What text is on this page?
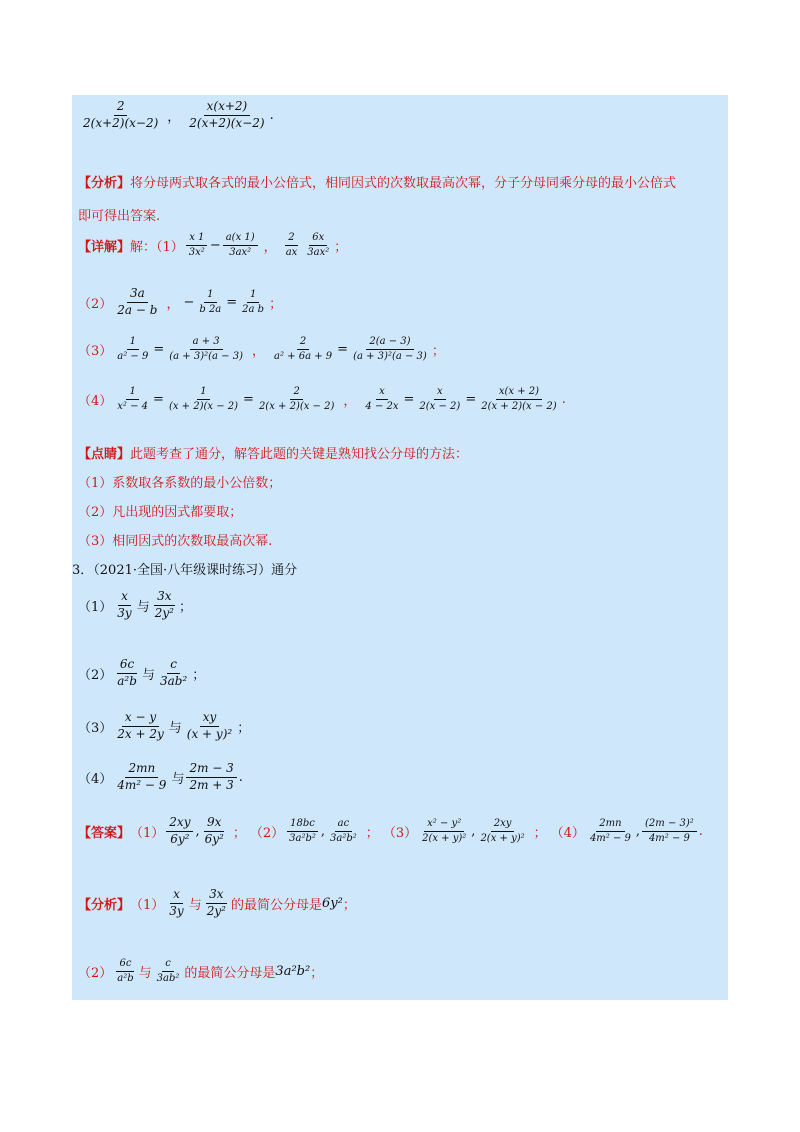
$\frac{2}{2(x+2)(x-2)}$ ， $\frac{x(x+2)}{2(x+2)(x-2)}$ .
【分析】 将分母两式取各式的最小公倍式，相同因式的次数取最高次幂，分子分母同乘分母的最小公倍式
即可得出答案.
【详解】 解：$(1) \frac{x 1}{\text{3x²}} - \frac{a(x 1)}{\text{3ax²}}$ ， $\frac{2}{ax} \frac{6x}{\text{3ax²}}$ ；
$(2) \frac{3a}{2a - b}$ ， − $\frac{1}{b 2a} = \frac{1}{\text{2a b}}$ ；
$(3) \frac{1}{\text{a² − 9}} = \frac{a + 3}{\text{(a + 3)²(a − 3)}}$ ， $\frac{2}{\text{a² + 6a + 9}} = \frac{2(a - 3)}{\text{(a + 3)²(a − 3)}}$ ；
$(4) \frac{1}{\text{x² − 4}} = \frac{1}{(x + 2)(x - 2)} = \frac{2}{2(x + 2)(x - 2)}$ ， $\frac{x}{4 - 2x} = \frac{x}{2(x - 2)} = \frac{x(x + 2)}{2(x + 2)(x - 2)}$ .
【点睛】 此题考查了通分，解答此题的关键是熟知找公分母的方法：
（1）系数取各系数的最小公倍数；
（2）凡出现的因式都要取；
（3）相同因式的次数取最高次幂.
3．（2021·全国·八年级课时练习）通分
$(1) \frac{x}{3y}$ 与 $\frac{3x}{\text{2y²}}$ ；
$(2) \frac{6c}{\text{a²b}}$ 与 $\frac{c}{\text{3ab²}}$ ；
$(3) \frac{x - y}{2x + 2y}$ 与 $\frac{xy}{\text{(x + y)²}}$ ；
$(4) \frac{2mn}{\text{4m² − 9}}$ 与 $\frac{2m - 3}{2m + 3}$ .
【答案】 $(1) \frac{2xy}{\text{6y²}}$ , $\frac{9x}{\text{6y²}}$ ； $(2) \frac{18bc}{\text{3a²b²}}$ , $\frac{ac}{\text{3a²b²}}$ ； $(3) \frac{\text{x² − y²}}{\text{2(x + y)²}}$ , $\frac{2xy}{\text{2(x + y)²}}$ ； $(4) \frac{2mn}{\text{4m² − 9}}$ , $\frac{\text{(2m − 3)²}}{\text{4m² − 9}}$ .
【分析】 $(1) \frac{x}{3y}$ 与 $\frac{3x}{\text{2y²}}$ 的最简公分母是 6y² ；
$(2) \frac{6c}{\text{a²b}}$ 与 $\frac{c}{\text{3ab²}}$ 的最简公分母是 3a²b² ；
